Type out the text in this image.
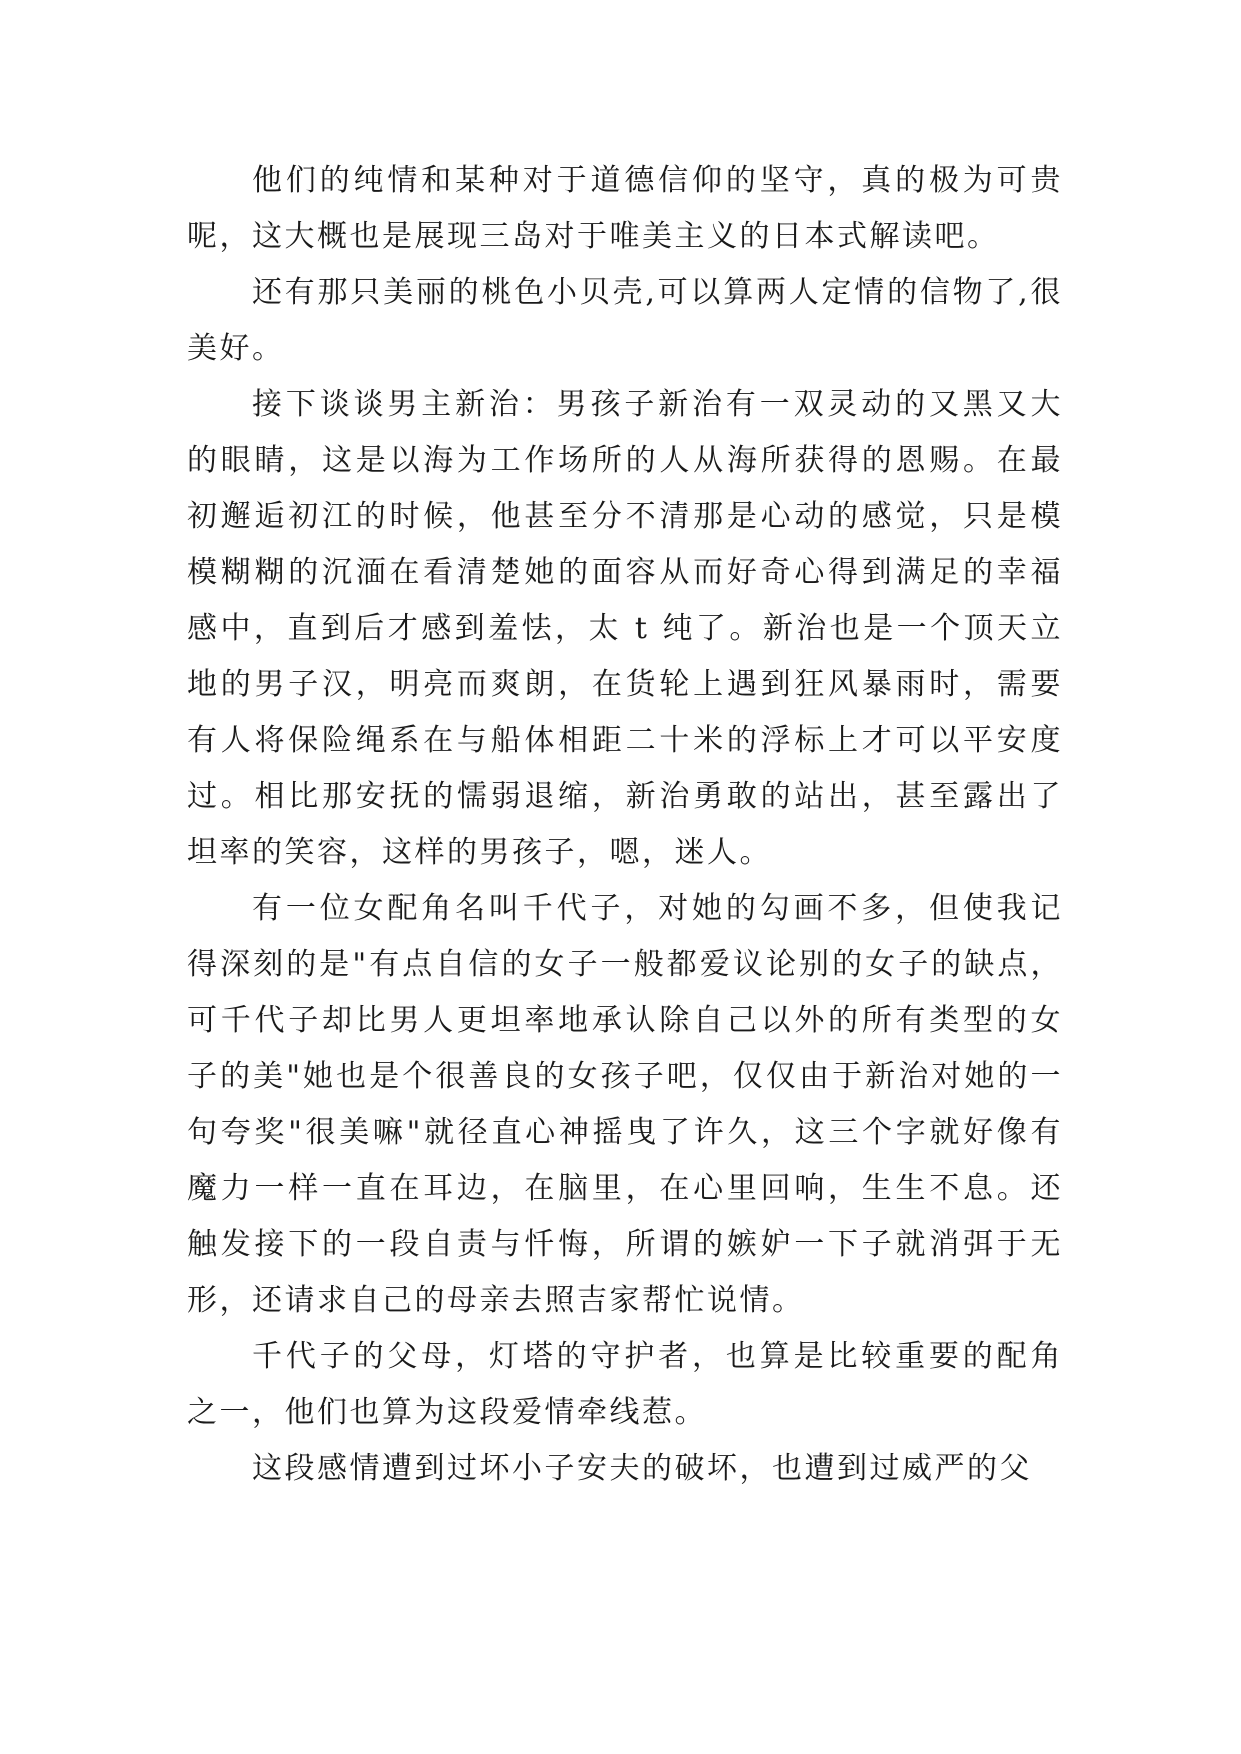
他们的纯情和某种对于道德信仰的坚守，真的极为可贵呢，这大概也是展现三岛对于唯美主义的日本式解读吧。

还有那只美丽的桃色小贝壳,可以算两人定情的信物了,很美好。

接下谈谈男主新治：男孩子新治有一双灵动的又黑又大的眼睛，这是以海为工作场所的人从海所获得的恩赐。在最初邂逅初江的时候，他甚至分不清那是心动的感觉，只是模模糊糊的沉湎在看清楚她的面容从而好奇心得到满足的幸福感中，直到后才感到羞怯，太 t 纯了。新治也是一个顶天立地的男子汉，明亮而爽朗，在货轮上遇到狂风暴雨时，需要有人将保险绳系在与船体相距二十米的浮标上才可以平安度过。相比那安抚的懦弱退缩，新治勇敢的站出，甚至露出了坦率的笑容，这样的男孩子，嗯，迷人。

有一位女配角名叫千代子，对她的勾画不多，但使我记得深刻的是"有点自信的女子一般都爱议论别的女子的缺点，可千代子却比男人更坦率地承认除自己以外的所有类型的女子的美"她也是个很善良的女孩子吧，仅仅由于新治对她的一句夸奖"很美嘛"就径直心神摇曳了许久，这三个字就好像有魔力一样一直在耳边，在脑里，在心里回响，生生不息。还触发接下的一段自责与忏悔，所谓的嫉妒一下子就消弭于无形，还请求自己的母亲去照吉家帮忙说情。

千代子的父母，灯塔的守护者，也算是比较重要的配角之一，他们也算为这段爱情牵线惹。

这段感情遭到过坏小子安夫的破坏，也遭到过威严的父
